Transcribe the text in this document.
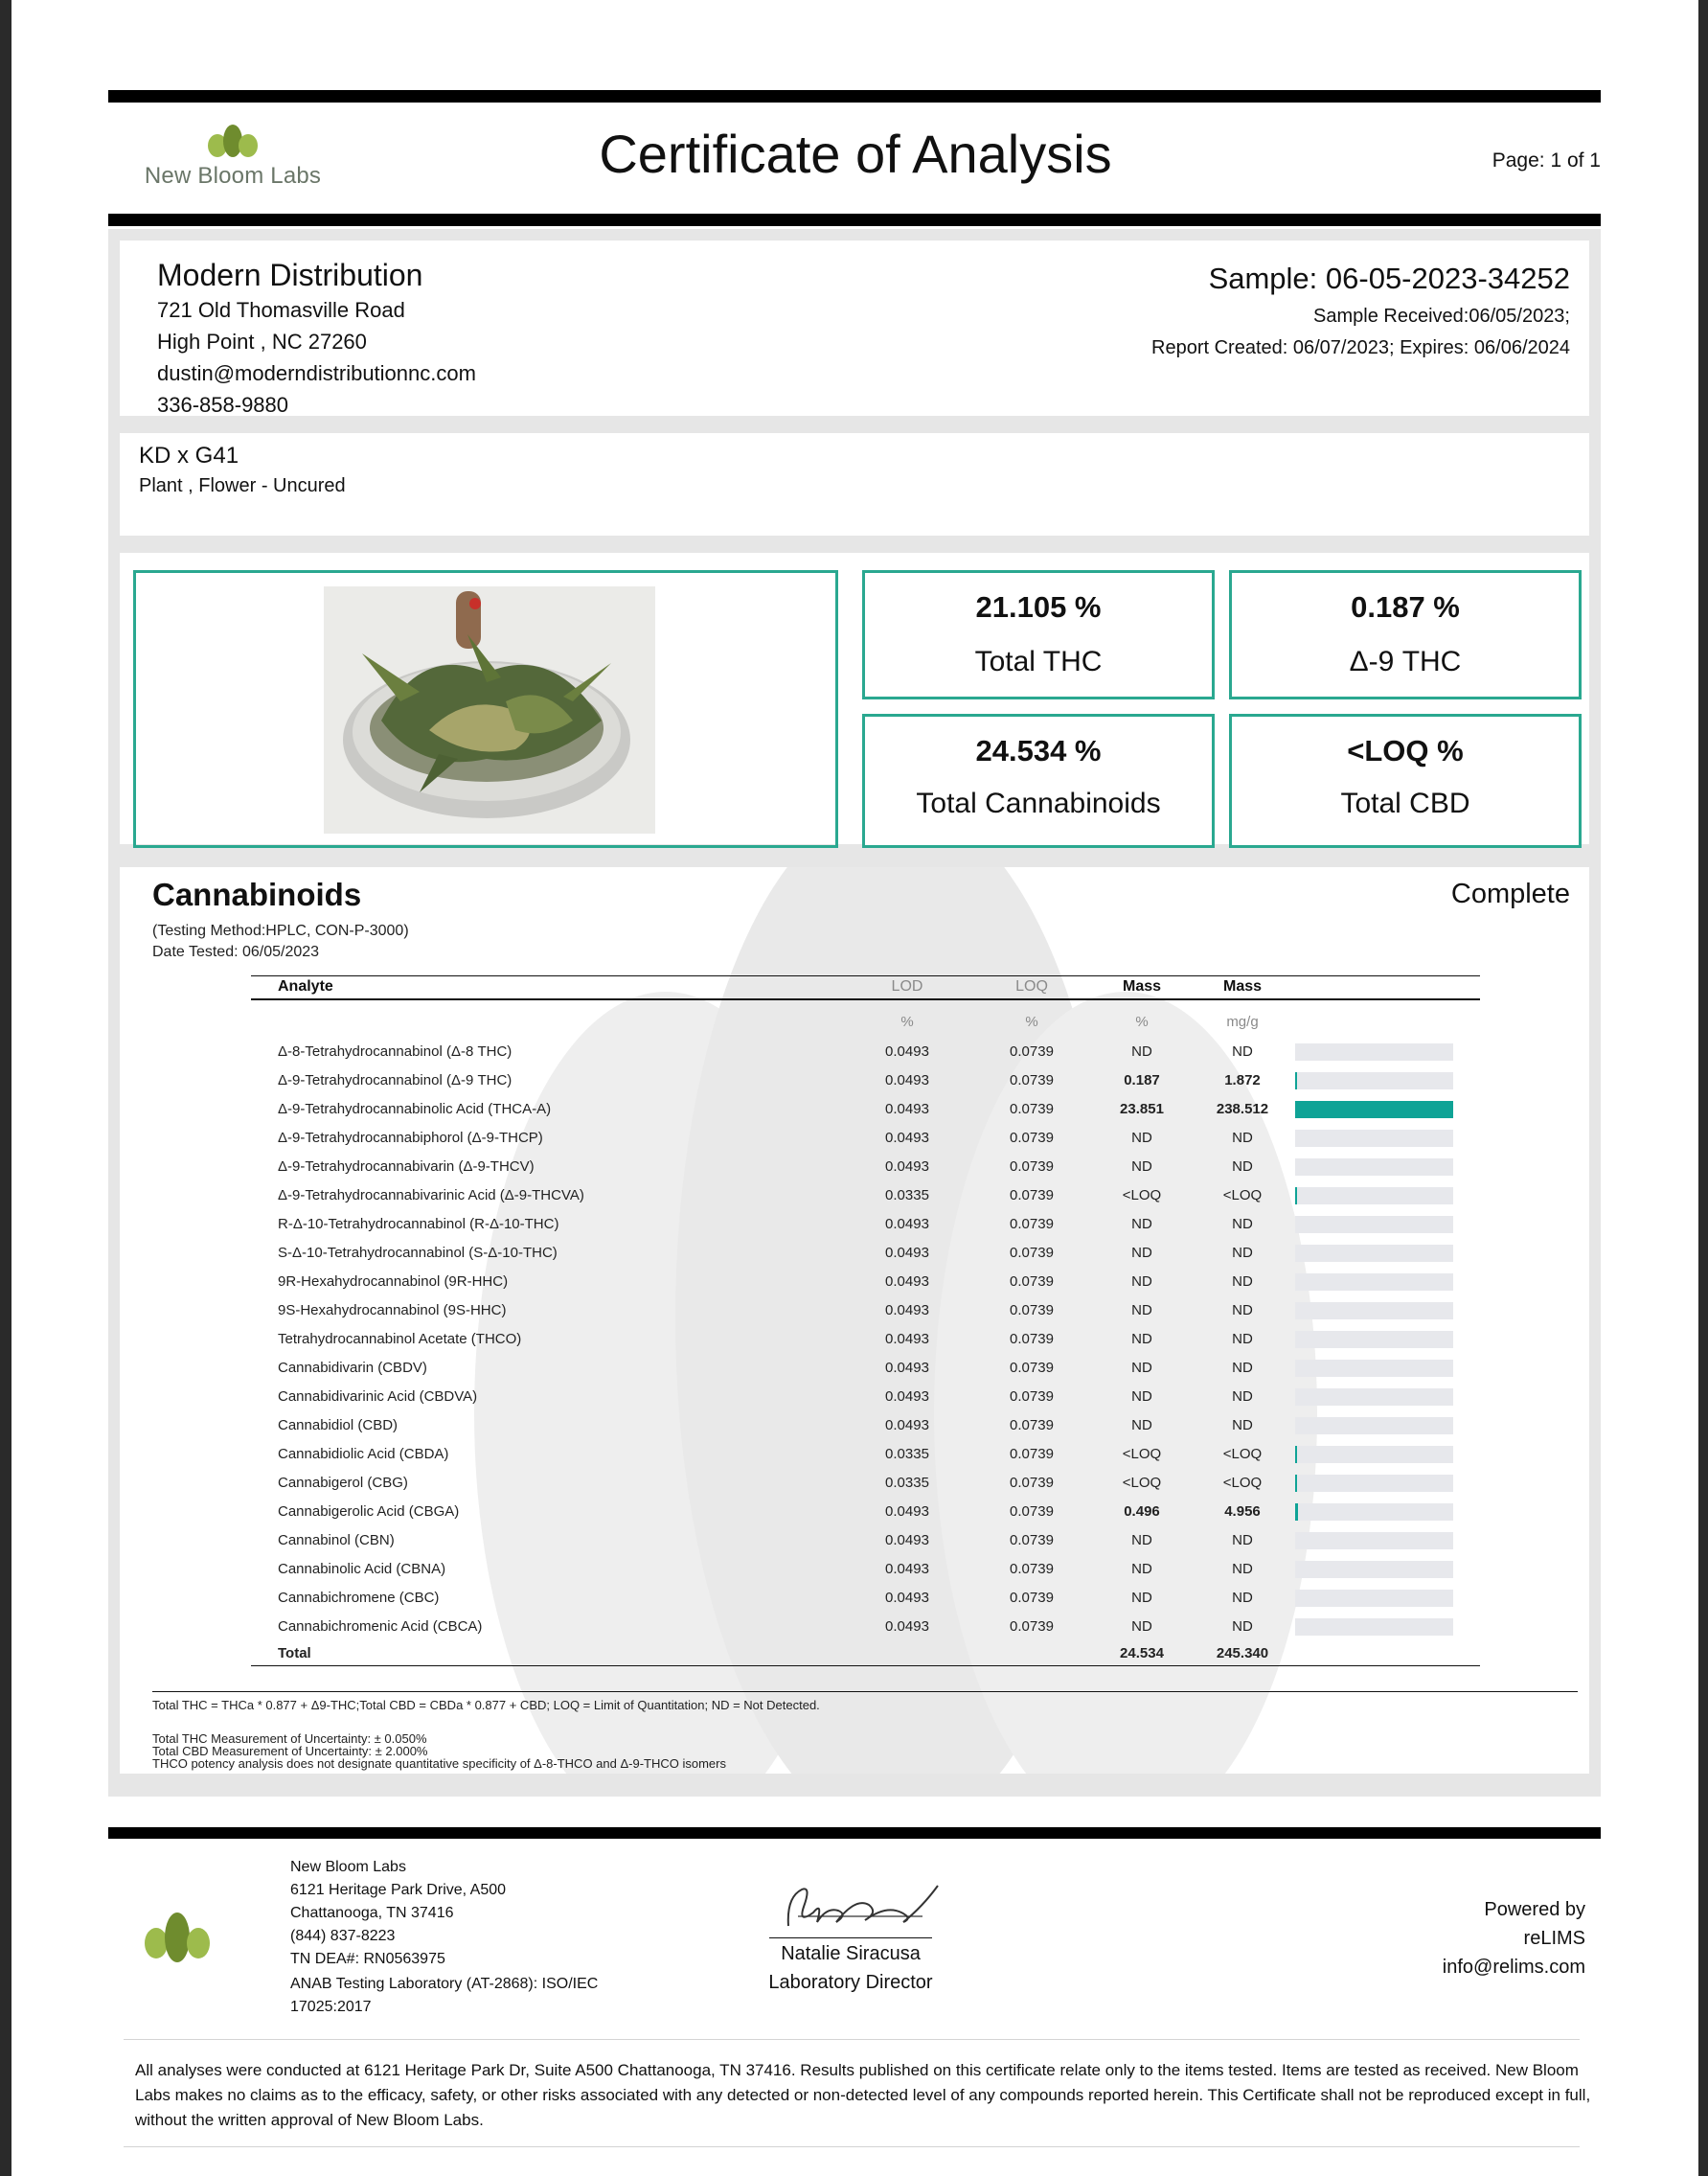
New Bloom Labs	Certificate of Analysis	Page: 1 of 1
Modern Distribution
721 Old Thomasville Road
High Point , NC 27260
dustin@moderndistributionnc.com
336-858-9880
Sample: 06-05-2023-34252
Sample Received:06/05/2023;
Report Created: 06/07/2023; Expires: 06/06/2024
KD x G41
Plant , Flower - Uncured
21.105 %
Total THC
0.187 %
Δ-9 THC
24.534 %
Total Cannabinoids
<LOQ %
Total CBD
Cannabinoids	Complete
(Testing Method:HPLC, CON-P-3000)
Date Tested: 06/05/2023
Analyte	LOD	LOQ	Mass	Mass	
	%	%	%	mg/g	
Δ-8-Tetrahydrocannabinol (Δ-8 THC)	0.0493	0.0739	ND	ND	

Δ-9-Tetrahydrocannabinol (Δ-9 THC)	0.0493	0.0739	0.187	1.872	

Δ-9-Tetrahydrocannabinolic Acid (THCA-A)	0.0493	0.0739	23.851	238.512	

Δ-9-Tetrahydrocannabiphorol (Δ-9-THCP)	0.0493	0.0739	ND	ND	

Δ-9-Tetrahydrocannabivarin (Δ-9-THCV)	0.0493	0.0739	ND	ND	

Δ-9-Tetrahydrocannabivarinic Acid (Δ-9-THCVA)	0.0335	0.0739	<LOQ	<LOQ	

R-Δ-10-Tetrahydrocannabinol (R-Δ-10-THC)	0.0493	0.0739	ND	ND	

S-Δ-10-Tetrahydrocannabinol (S-Δ-10-THC)	0.0493	0.0739	ND	ND	

9R-Hexahydrocannabinol (9R-HHC)	0.0493	0.0739	ND	ND	

9S-Hexahydrocannabinol (9S-HHC)	0.0493	0.0739	ND	ND	

Tetrahydrocannabinol Acetate (THCO)	0.0493	0.0739	ND	ND	

Cannabidivarin (CBDV)	0.0493	0.0739	ND	ND	

Cannabidivarinic Acid (CBDVA)	0.0493	0.0739	ND	ND	

Cannabidiol (CBD)	0.0493	0.0739	ND	ND	

Cannabidiolic Acid (CBDA)	0.0335	0.0739	<LOQ	<LOQ	

Cannabigerol (CBG)	0.0335	0.0739	<LOQ	<LOQ	

Cannabigerolic Acid (CBGA)	0.0493	0.0739	0.496	4.956	

Cannabinol (CBN)	0.0493	0.0739	ND	ND	

Cannabinolic Acid (CBNA)	0.0493	0.0739	ND	ND	

Cannabichromene (CBC)	0.0493	0.0739	ND	ND	

Cannabichromenic Acid (CBCA)	0.0493	0.0739	ND	ND	

Total			24.534	245.340	
Total THC = THCa * 0.877 + Δ9-THC;Total CBD = CBDa * 0.877 + CBD; LOQ = Limit of Quantitation; ND = Not Detected.
Total THC Measurement of Uncertainty: ± 0.050%
Total CBD Measurement of Uncertainty: ± 2.000%
THCO potency analysis does not designate quantitative specificity of Δ-8-THCO and Δ-9-THCO isomers
New Bloom Labs
6121 Heritage Park Drive, A500
Chattanooga, TN 37416
(844) 837-8223
TN DEA#: RN0563975
ANAB Testing Laboratory (AT-2868): ISO/IEC
17025:2017
Natalie Siracusa
Laboratory Director
Powered by
reLIMS
info@relims.com
All analyses were conducted at 6121 Heritage Park Dr, Suite A500 Chattanooga, TN 37416. Results published on this certificate relate only to the items tested. Items are tested as received. New Bloom Labs makes no claims as to the efficacy, safety, or other risks associated with any detected or non-detected level of any compounds reported herein. This Certificate shall not be reproduced except in full, without the written approval of New Bloom Labs.
